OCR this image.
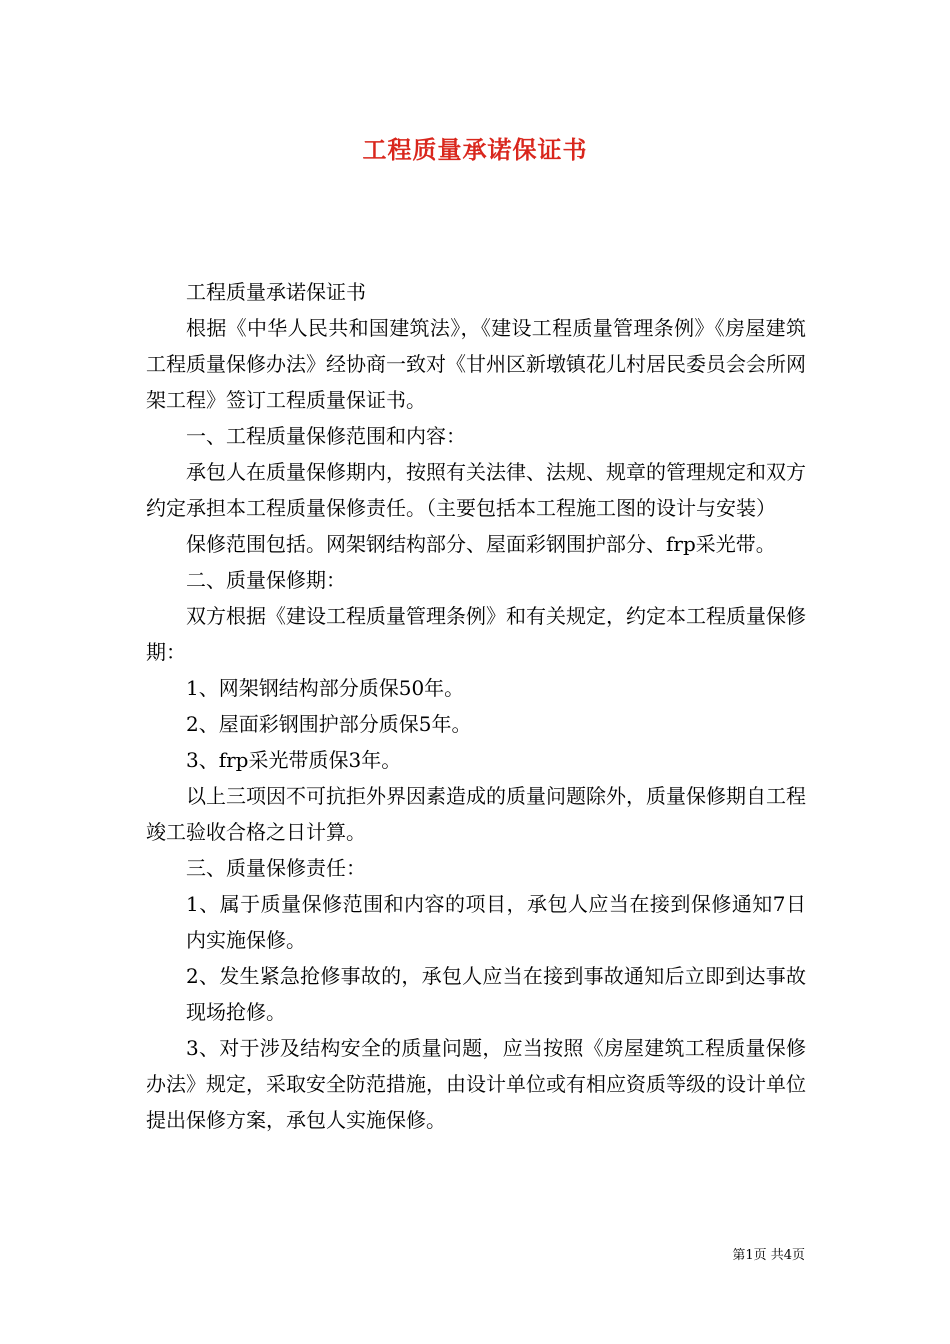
工程质量承诺保证书

工程质量承诺保证书

根据《中华人民共和国建筑法》，《建设工程质量管理条例》《房屋建筑工程质量保修办法》经协商一致对《甘州区新墩镇花儿村居民委员会会所网架工程》签订工程质量保证书。

一、工程质量保修范围和内容：

承包人在质量保修期内，按照有关法律、法规、规章的管理规定和双方约定承担本工程质量保修责任。（主要包括本工程施工图的设计与安装）

保修范围包括。网架钢结构部分、屋面彩钢围护部分、frp采光带。

二、质量保修期：

双方根据《建设工程质量管理条例》和有关规定，约定本工程质量保修期：

1、网架钢结构部分质保50年。

2、屋面彩钢围护部分质保5年。

3、frp采光带质保3年。

以上三项因不可抗拒外界因素造成的质量问题除外，质量保修期自工程竣工验收合格之日计算。

三、质量保修责任：

1、属于质量保修范围和内容的项目，承包人应当在接到保修通知7日内实施保修。

2、发生紧急抢修事故的，承包人应当在接到事故通知后立即到达事故现场抢修。

3、对于涉及结构安全的质量问题，应当按照《房屋建筑工程质量保修办法》规定，采取安全防范措施，由设计单位或有相应资质等级的设计单位提出保修方案，承包人实施保修。

第1页 共4页
